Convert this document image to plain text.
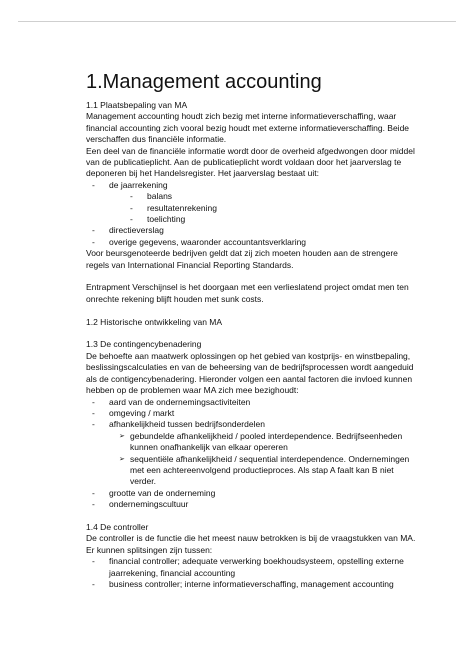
1.Management accounting
1.1 Plaatsbepaling van MA
Management accounting houdt zich bezig met interne informatieverschaffing, waar financial accounting zich vooral bezig houdt met externe informatieverschaffing. Beide verschaffen dus financiële informatie.
Een deel van de financiële informatie wordt door de overheid afgedwongen door middel van de publicatieplicht. Aan de publicatieplicht wordt voldaan door het jaarverslag te deponeren bij het Handelsregister. Het jaarverslag bestaat uit:
-	de jaarrekening
-	balans
-	resultatenrekening
-	toelichting
-	directieverslag
-	overige gegevens, waaronder accountantsverklaring
Voor beursgenoteerde bedrijven geldt dat zij zich moeten houden aan de strengere regels van International Financial Reporting Standards.
Entrapment Verschijnsel is het doorgaan met een verlieslatend project omdat men ten onrechte rekening blijft houden met sunk costs.
1.2 Historische ontwikkeling van MA
1.3 De contingencybenadering
De behoefte aan maatwerk oplossingen op het gebied van kostprijs- en winstbepaling, beslissingscalculaties en van de beheersing van de bedrijfsprocessen wordt aangeduid als de contigencybenadering. Hieronder volgen een aantal factoren die invloed kunnen hebben op de problemen waar MA zich mee bezighoudt:
-	aard van de ondernemingsactiviteiten
-	omgeving / markt
-	afhankelijkheid tussen bedrijfsonderdelen
➢ gebundelde afhankelijkheid / pooled interdependence. Bedrijfseenheden kunnen onafhankelijk van elkaar opereren
➢ sequentiële afhankelijkheid / sequential interdependence. Ondernemingen met een achtereenvolgend productieproces. Als stap A faalt kan B niet verder.
-	grootte van de onderneming
-	ondernemingscultuur
1.4 De controller
De controller is de functie die het meest nauw betrokken is bij de vraagstukken van MA. Er kunnen splitsingen zijn tussen:
-	financial controller; adequate verwerking boekhoudsysteem, opstelling externe jaarrekening, financial accounting
-	business controller; interne informatieverschaffing, management accounting
